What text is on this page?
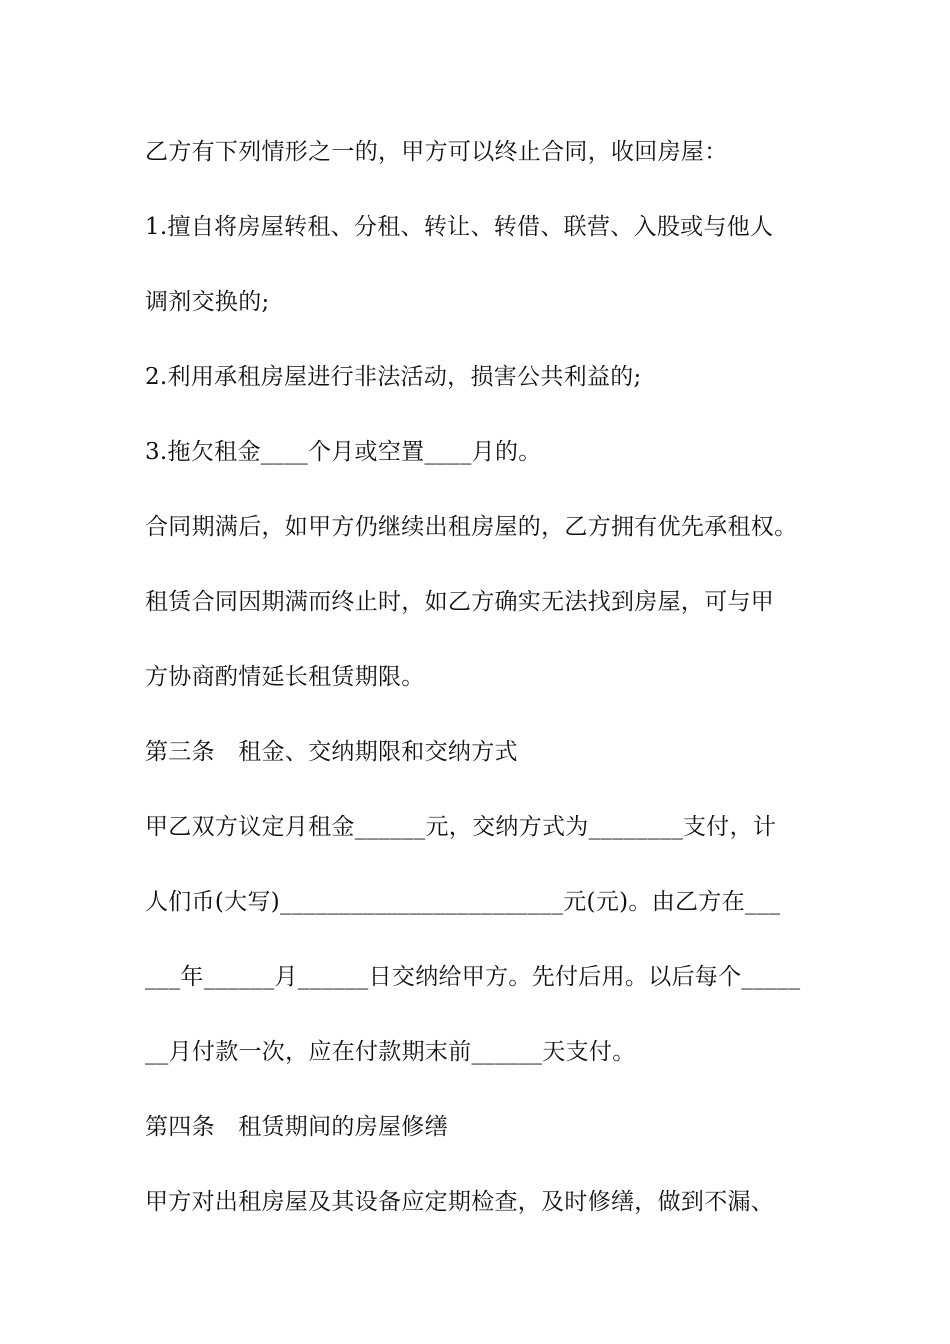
乙方有下列情形之一的，甲方可以终止合同，收回房屋：
1.擅自将房屋转租、分租、转让、转借、联营、入股或与他人
调剂交换的;
2.利用承租房屋进行非法活动，损害公共利益的;
3.拖欠租金____个月或空置____月的。
合同期满后，如甲方仍继续出租房屋的，乙方拥有优先承租权。
租赁合同因期满而终止时，如乙方确实无法找到房屋，可与甲
方协商酌情延长租赁期限。
第三条　租金、交纳期限和交纳方式
甲乙双方议定月租金______元，交纳方式为________支付，计
人们币(大写)________________________元(元)。由乙方在___
___年______月______日交纳给甲方。先付后用。以后每个_____
__月付款一次，应在付款期末前______天支付。
第四条　租赁期间的房屋修缮
甲方对出租房屋及其设备应定期检查，及时修缮，做到不漏、
